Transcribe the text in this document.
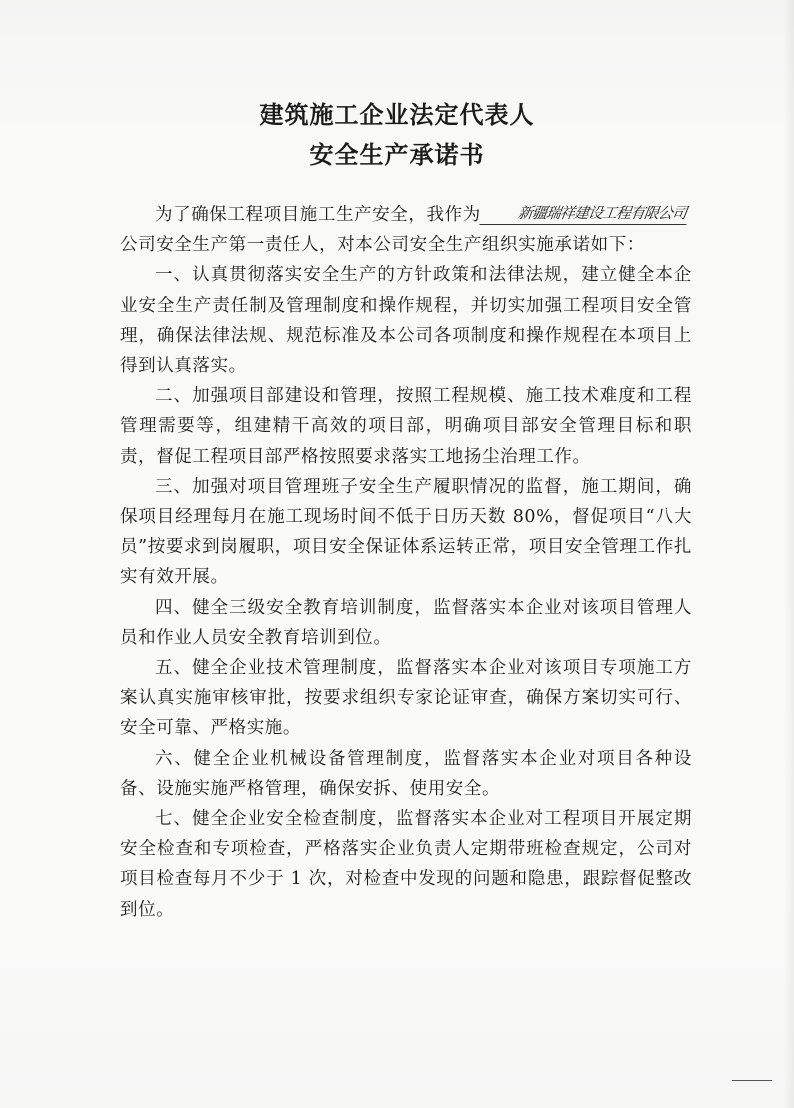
建筑施工企业法定代表人
安全生产承诺书

为了确保工程项目施工生产安全，我作为 新疆瑞祥建设工程有限公司

公司安全生产第一责任人，对本公司安全生产组织实施承诺如下：

一、认真贯彻落实安全生产的方针政策和法律法规，建立健全本企业安全生产责任制及管理制度和操作规程，并切实加强工程项目安全管理，确保法律法规、规范标准及本公司各项制度和操作规程在本项目上得到认真落实。

二、加强项目部建设和管理，按照工程规模、施工技术难度和工程管理需要等，组建精干高效的项目部，明确项目部安全管理目标和职责，督促工程项目部严格按照要求落实工地扬尘治理工作。

三、加强对项目管理班子安全生产履职情况的监督，施工期间，确保项目经理每月在施工现场时间不低于日历天数 80%，督促项目“八大员”按要求到岗履职，项目安全保证体系运转正常，项目安全管理工作扎实有效开展。

四、健全三级安全教育培训制度，监督落实本企业对该项目管理人员和作业人员安全教育培训到位。

五、健全企业技术管理制度，监督落实本企业对该项目专项施工方案认真实施审核审批，按要求组织专家论证审查，确保方案切实可行、安全可靠、严格实施。

六、健全企业机械设备管理制度，监督落实本企业对项目各种设备、设施实施严格管理，确保安拆、使用安全。

七、健全企业安全检查制度，监督落实本企业对工程项目开展定期安全检查和专项检查，严格落实企业负责人定期带班检查规定，公司对项目检查每月不少于 1 次，对检查中发现的问题和隐患，跟踪督促整改到位。
